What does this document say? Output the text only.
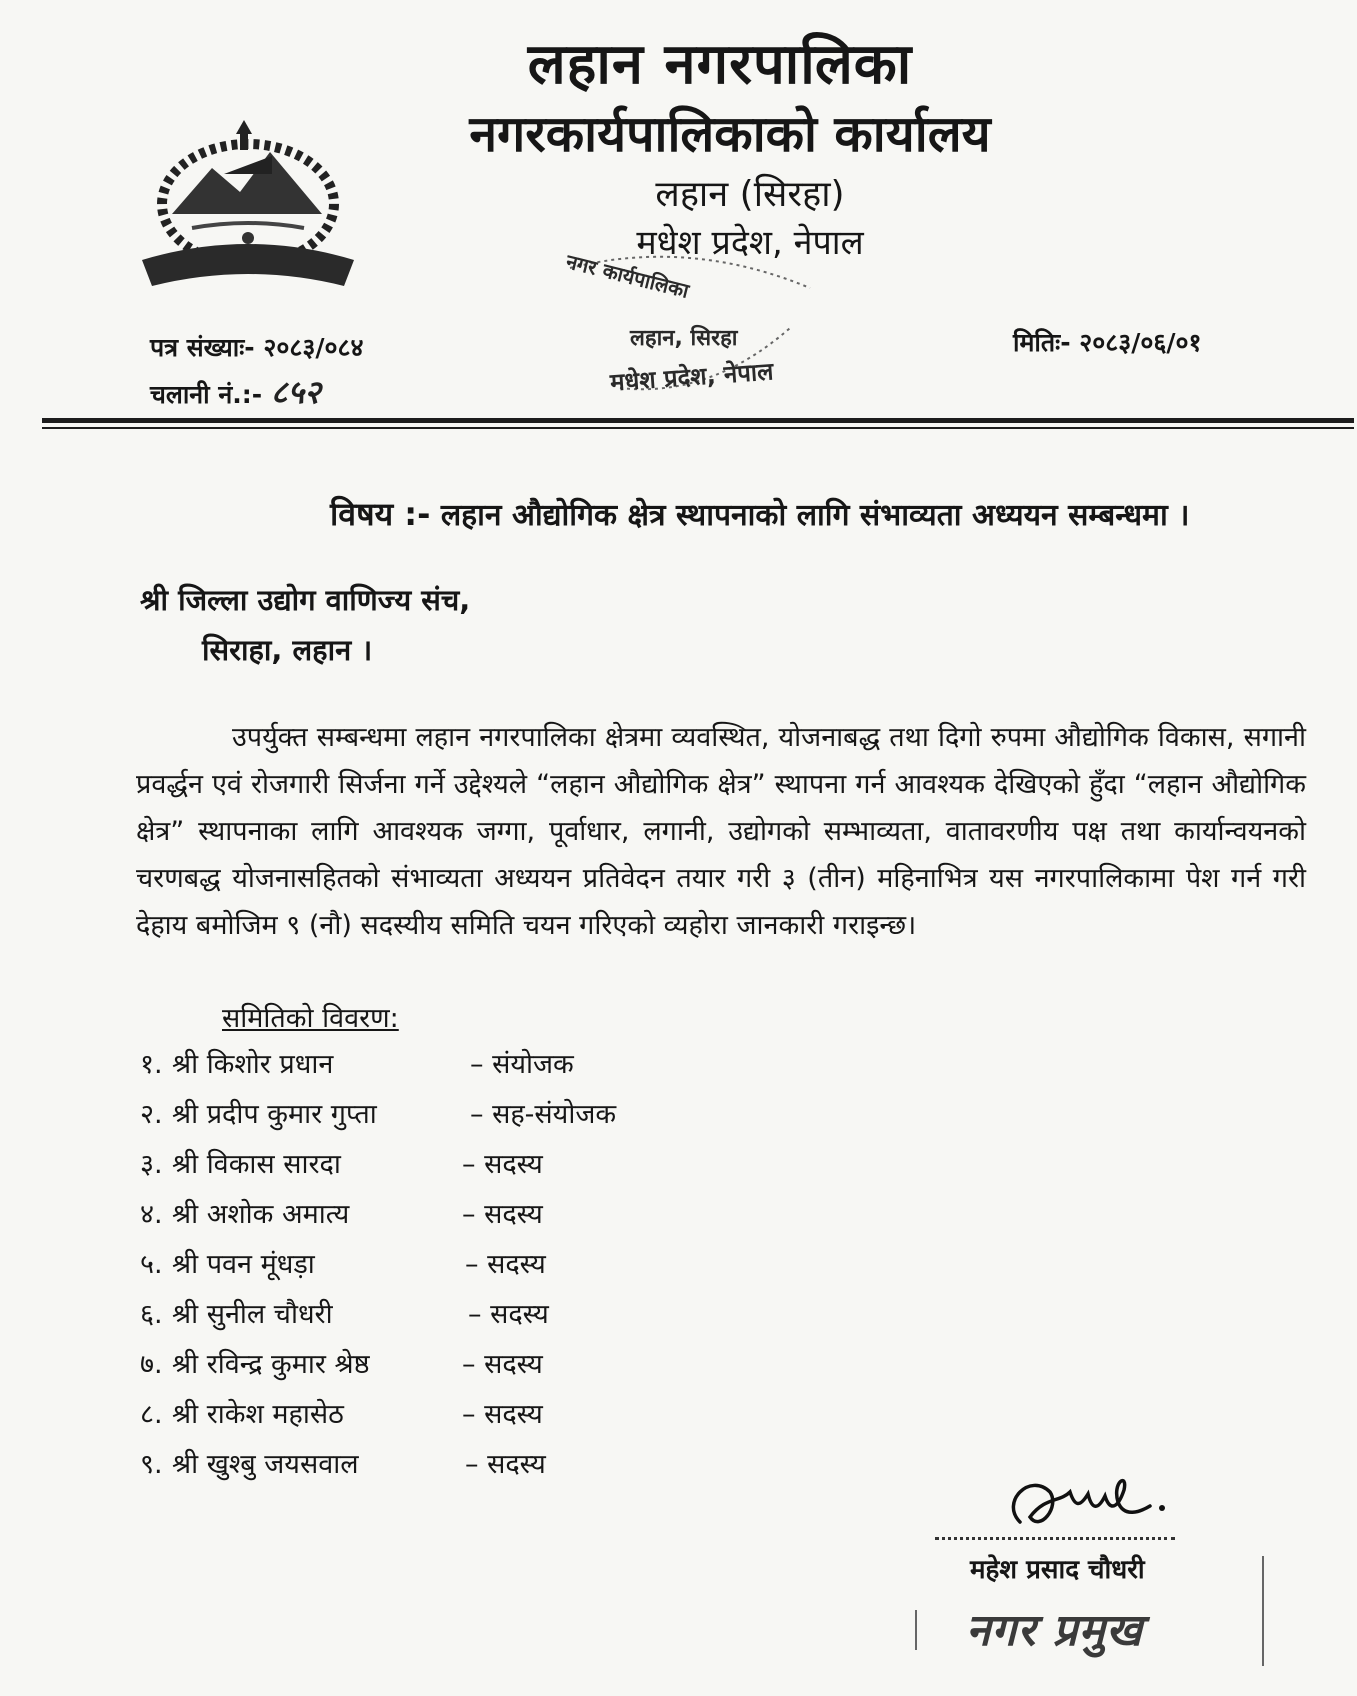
लहान नगरपालिका
नगरकार्यपालिकाको कार्यालय
लहान (सिरहा)
मधेश प्रदेश, नेपाल
नगर कार्यपालिका
लहान, सिरहा
मधेश प्रदेश, नेपाल
पत्र संख्याः- २०८३/०८४
चलानी नं.:- ८५२
मितिः- २०८३/०६/०१
विषय :- लहान औद्योगिक क्षेत्र स्थापनाको लागि संभाव्यता अध्ययन सम्बन्धमा ।
श्री जिल्ला उद्योग वाणिज्य संच,
सिराहा, लहान ।
उपर्युक्त सम्बन्धमा लहान नगरपालिका क्षेत्रमा व्यवस्थित, योजनाबद्ध तथा दिगो रुपमा औद्योगिक विकास, सगानी प्रवर्द्धन एवं रोजगारी सिर्जना गर्ने उद्देश्यले “लहान औद्योगिक क्षेत्र” स्थापना गर्न आवश्यक देखिएको हुँदा “लहान औद्योगिक क्षेत्र” स्थापनाका लागि आवश्यक जग्गा, पूर्वाधार, लगानी, उद्योगको सम्भाव्यता, वातावरणीय पक्ष तथा कार्यान्वयनको चरणबद्ध योजनासहितको संभाव्यता अध्ययन प्रतिवेदन तयार गरी ३ (तीन) महिनाभित्र यस नगरपालिकामा पेश गर्न गरी देहाय बमोजिम ९ (नौ) सदस्यीय समिति चयन गरिएको व्यहोरा जानकारी गराइन्छ।
समितिको विवरण:
१. श्री किशोर प्रधान	– संयोजक
२. श्री प्रदीप कुमार गुप्ता	– सह-संयोजक
३. श्री विकास सारदा	– सदस्य
४. श्री अशोक अमात्य	– सदस्य
५. श्री पवन मूंधड़ा	– सदस्य
६. श्री सुनील चौधरी	– सदस्य
७. श्री रविन्द्र कुमार श्रेष्ठ	– सदस्य
८. श्री राकेश महासेठ	– सदस्य
९. श्री खुश्बु जयसवाल	– सदस्य
महेश प्रसाद चौधरी
नगर प्रमुख
